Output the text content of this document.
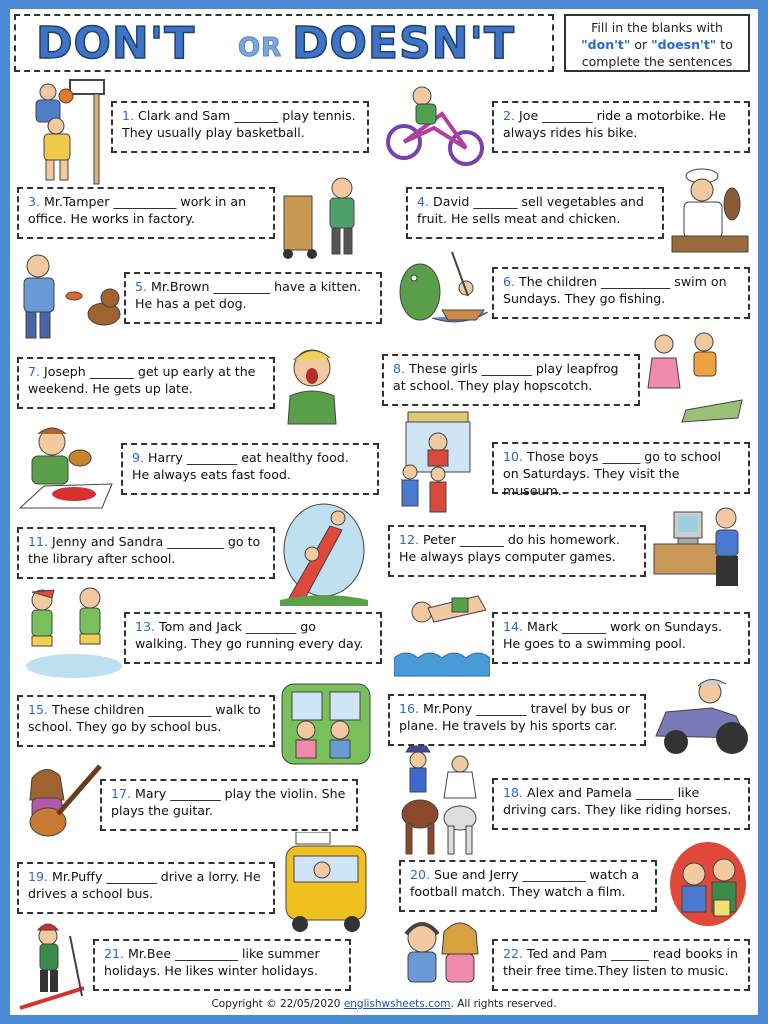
DON'T OR DOESN'T	Fill in the blanks with
"don't" or "doesn't" to
complete the sentences
1. Clark and Sam _______ play tennis. They usually play basketball.
2. Joe ________ ride a motorbike. He always rides his bike.
3. Mr.Tamper __________ work in an office. He works in factory.
4. David _______ sell vegetables and fruit. He sells meat and chicken.
5. Mr.Brown _________ have a kitten. He has a pet dog.
6. The children ___________ swim on Sundays. They go fishing.
7. Joseph _______ get up early at the weekend. He gets up late.
8. These girls ________ play leapfrog at school. They play hopscotch.
9. Harry ________ eat healthy food. He always eats fast food.
10. Those boys ______ go to school on Saturdays. They visit the museum.
11. Jenny and Sandra _________ go to the library after school.
12. Peter _______ do his homework. He always plays computer games.
13. Tom and Jack ________ go walking. They go running every day.
14. Mark _______ work on Sundays. He goes to a swimming pool.
15. These children __________ walk to school. They go by school bus.
16. Mr.Pony ________ travel by bus or plane. He travels by his sports car.
17. Mary ________ play the violin. She plays the guitar.
18. Alex and Pamela ______ like driving cars. They like riding horses.
19. Mr.Puffy ________ drive a lorry. He drives a school bus.
20. Sue and Jerry __________ watch a football match. They watch a film.
21. Mr.Bee __________ like summer holidays. He likes winter holidays.
22. Ted and Pam ______ read books in their free time.They listen to music.
Copyright © 22/05/2020 englishwsheets.com. All rights reserved.
